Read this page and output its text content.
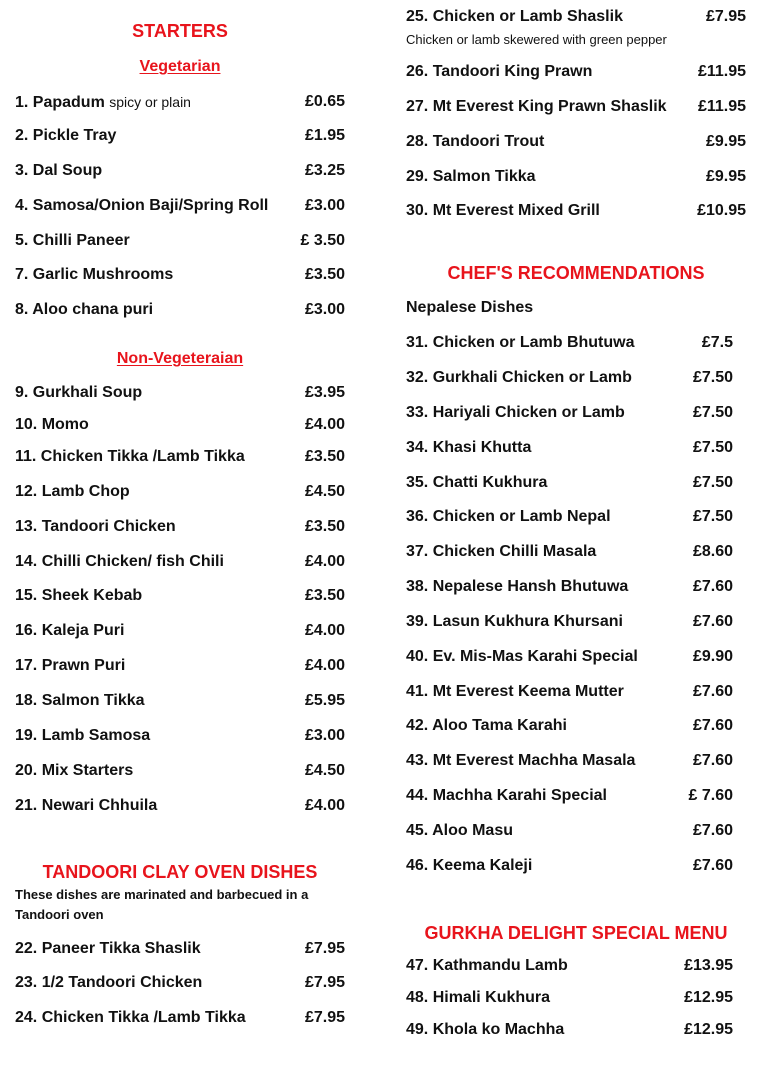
STARTERS
Vegetarian
1. Papadum spicy or plain	£0.65
2. Pickle Tray	£1.95
3. Dal Soup	£3.25
4. Samosa/Onion Baji/Spring Roll £3.00
5. Chilli Paneer	£ 3.50
7. Garlic Mushrooms	£3.50
8. Aloo chana puri	£3.00
Non-Vegeteraian
9. Gurkhali Soup	£3.95
10. Momo	£4.00
11. Chicken Tikka /Lamb Tikka	£3.50
12. Lamb Chop	£4.50
13. Tandoori Chicken	£3.50
14. Chilli Chicken/ fish Chili	£4.00
15. Sheek Kebab	£3.50
16. Kaleja Puri	£4.00
17. Prawn Puri	£4.00
18. Salmon Tikka	£5.95
19. Lamb Samosa	£3.00
20. Mix Starters	£4.50
21. Newari Chhuila	£4.00
TANDOORI CLAY OVEN DISHES
These dishes are marinated and barbecued in a Tandoori oven
22. Paneer Tikka Shaslik	£7.95
23. 1/2 Tandoori Chicken	£7.95
24. Chicken Tikka /Lamb Tikka	£7.95
25. Chicken or Lamb Shaslik	£7.95
Chicken or lamb skewered with green pepper
26. Tandoori King Prawn	£11.95
27. Mt Everest King Prawn Shaslik £11.95
28. Tandoori Trout	£9.95
29. Salmon Tikka	£9.95
30. Mt Everest Mixed Grill	£10.95
CHEF'S RECOMMENDATIONS
Nepalese Dishes
31. Chicken or Lamb Bhutuwa	£7.5
32. Gurkhali Chicken or Lamb	£7.50
33. Hariyali Chicken or Lamb	£7.50
34. Khasi Khutta	£7.50
35. Chatti Kukhura	£7.50
36. Chicken or Lamb Nepal	£7.50
37. Chicken Chilli Masala	£8.60
38. Nepalese Hansh Bhutuwa	£7.60
39. Lasun Kukhura Khursani	£7.60
40. Ev. Mis-Mas Karahi Special	£9.90
41. Mt Everest Keema Mutter	£7.60
42. Aloo Tama Karahi	£7.60
43. Mt Everest Machha Masala	£7.60
44. Machha Karahi Special	£ 7.60
45. Aloo Masu	£7.60
46. Keema Kaleji	£7.60
GURKHA DELIGHT SPECIAL MENU
47. Kathmandu Lamb	£13.95
48. Himali Kukhura	£12.95
49. Khola ko Machha	£12.95
